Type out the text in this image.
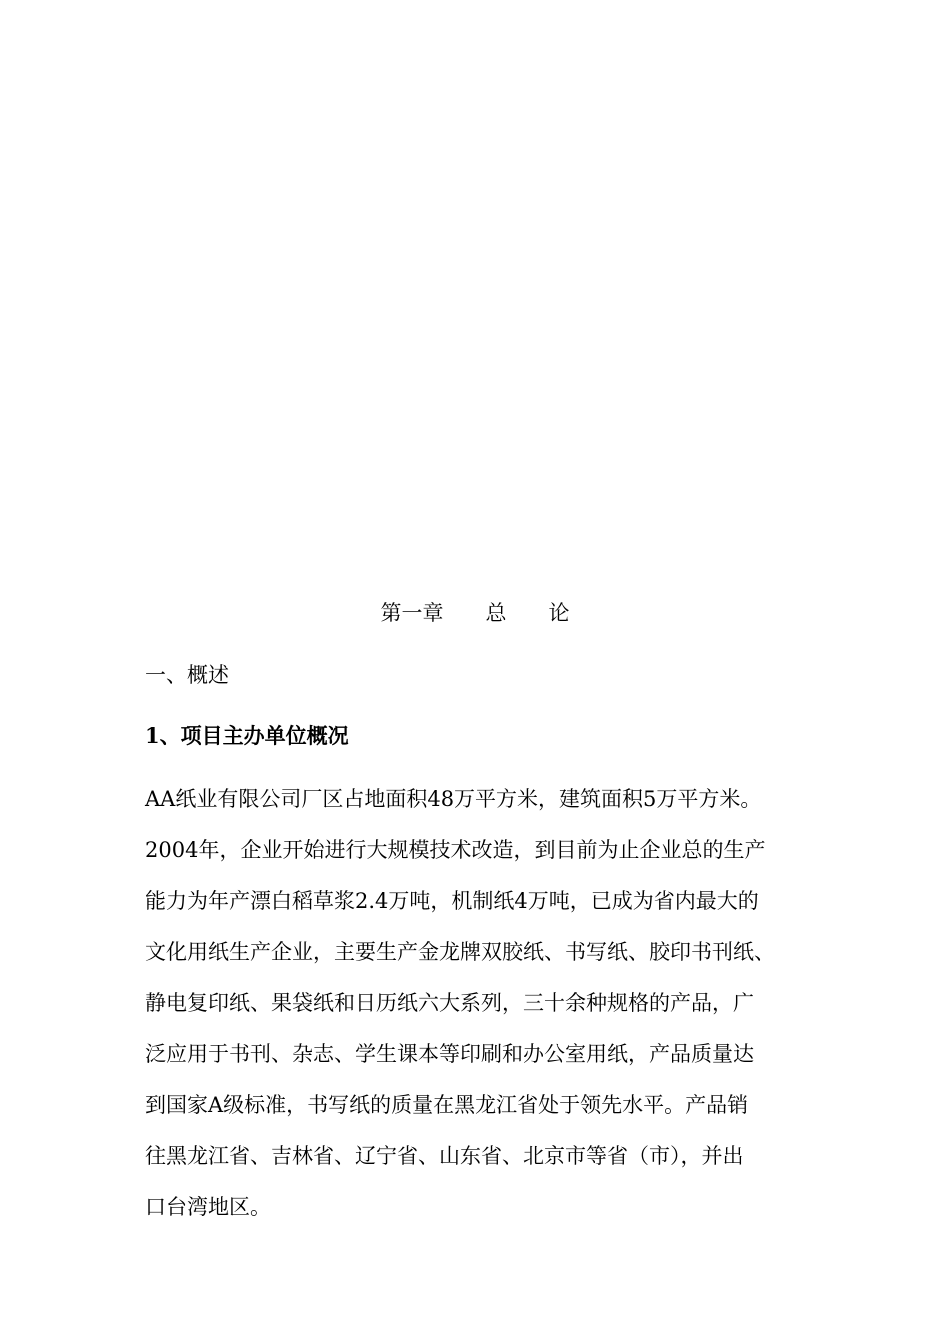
第一章　　总　　论
一、概述
1、项目主办单位概况
AA纸业有限公司厂区占地面积48万平方米，建筑面积5万平方米。
2004年，企业开始进行大规模技术改造，到目前为止企业总的生产
能力为年产漂白稻草浆2.4万吨，机制纸4万吨，已成为省内最大的
文化用纸生产企业，主要生产金龙牌双胶纸、书写纸、胶印书刊纸、
静电复印纸、果袋纸和日历纸六大系列，三十余种规格的产品，广
泛应用于书刊、杂志、学生课本等印刷和办公室用纸，产品质量达
到国家A级标准，书写纸的质量在黑龙江省处于领先水平。产品销
往黑龙江省、吉林省、辽宁省、山东省、北京市等省（市），并出
口台湾地区。
